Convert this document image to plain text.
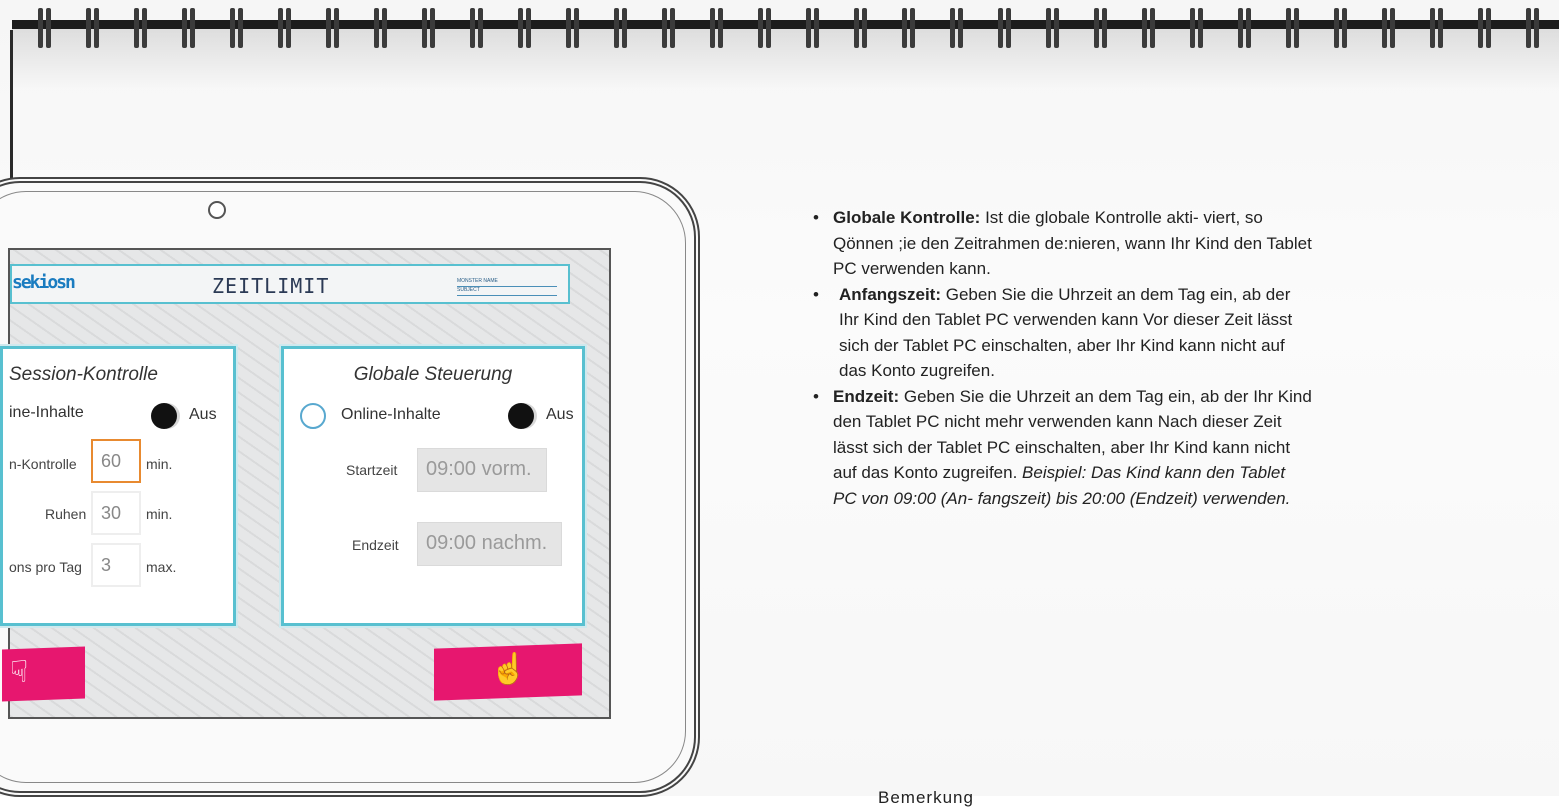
sekiosn	ZEITLIMIT	MONSTER NAME
SUBJECT
Session-Kontrolle
ine-Inhalte	Aus
n-Kontrolle	60	min.
Ruhen 30	min.
ons pro Tag	3	max.
Globale Steuerung
Online-Inhalte	Aus
Startzeit	09:00 vorm.
Endzeit	09:00 nachm.
☟	☝
• Globale Kontrolle: Ist die globale Kontrolle akti- viert, so Qönnen ;ie den Zeitrahmen de:nieren, wann Ihr Kind den Tablet PC verwenden kann.
• Anfangszeit: Geben Sie die Uhrzeit an dem Tag ein, ab der Ihr Kind den Tablet PC verwenden kann Vor dieser Zeit lässt sich der Tablet PC einschalten, aber Ihr Kind kann nicht auf das Konto zugreifen.
• Endzeit: Geben Sie die Uhrzeit an dem Tag ein, ab der Ihr Kind den Tablet PC nicht mehr verwenden kann Nach dieser Zeit lässt sich der Tablet PC einschalten, aber Ihr Kind kann nicht auf das Konto zugreifen. Beispiel: Das Kind kann den Tablet PC von 09:00 (An- fangszeit) bis 20:00 (Endzeit) verwenden.
Bemerkung
